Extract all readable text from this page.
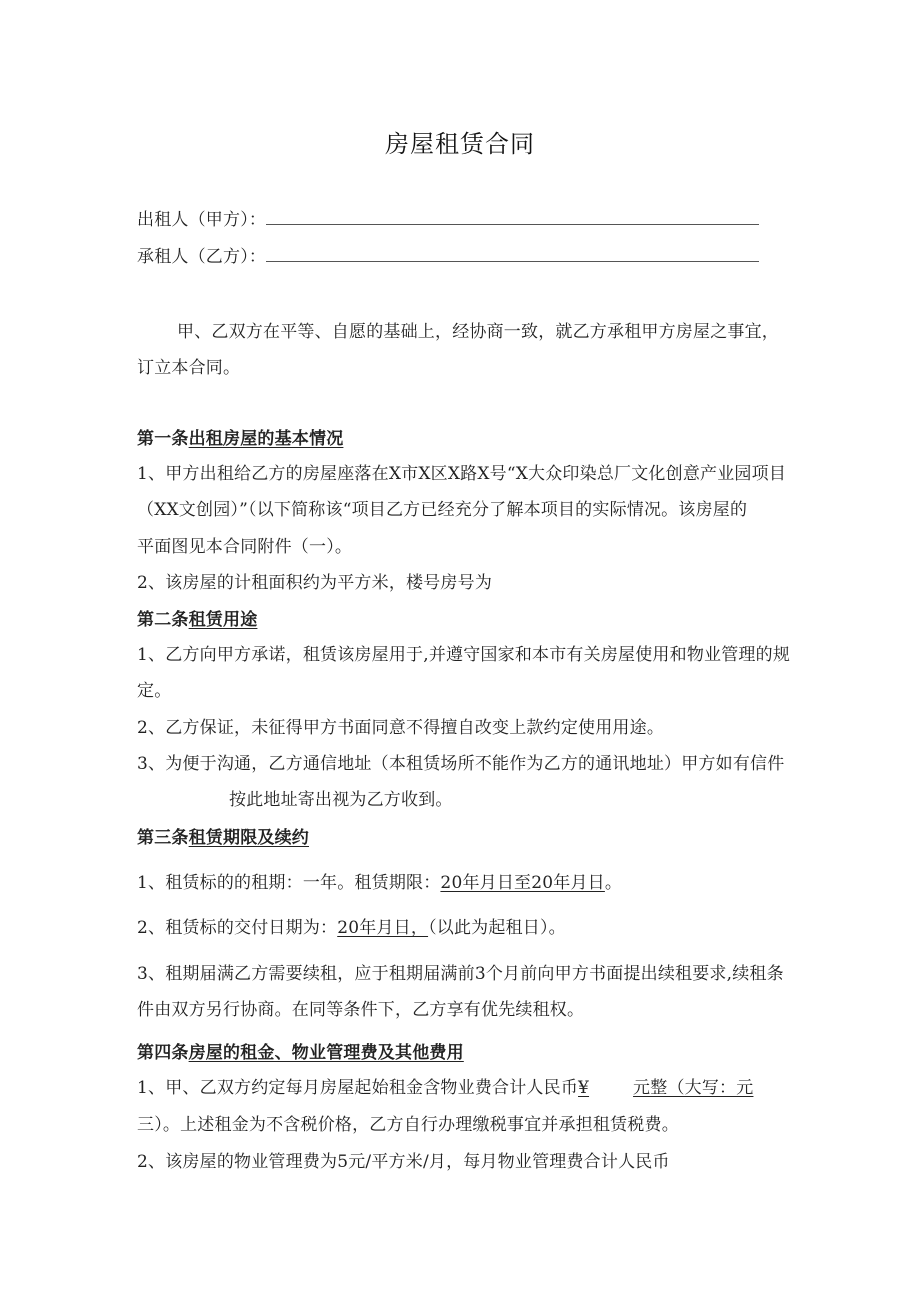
房屋租赁合同
出租人（甲方）：
承租人（乙方）：
甲、乙双方在平等、自愿的基础上，经协商一致，就乙方承租甲方房屋之事宜，
订立本合同。
第一条出租房屋的基本情况
1、甲方出租给乙方的房屋座落在X市X区X路X号“X大众印染总厂文化创意产业园项目
（XX文创园）”（以下简称该“项目乙方已经充分了解本项目的实际情况。该房屋的
平面图见本合同附件（一）。
2、该房屋的计租面积约为平方米，楼号房号为
第二条租赁用途
1、乙方向甲方承诺，租赁该房屋用于,并遵守国家和本市有关房屋使用和物业管理的规
定。
2、乙方保证，未征得甲方书面同意不得擅自改变上款约定使用用途。
3、为便于沟通，乙方通信地址（本租赁场所不能作为乙方的通讯地址）甲方如有信件
按此地址寄出视为乙方收到。
第三条租赁期限及续约
1、租赁标的的租期：一年。租赁期限：20年月日至20年月日。
2、租赁标的交付日期为：20年月日，（以此为起租日）。
3、租期届满乙方需要续租，应于租期届满前3个月前向甲方书面提出续租要求,续租条
件由双方另行协商。在同等条件下，乙方享有优先续租权。
第四条房屋的租金、物业管理费及其他费用
1、甲、乙双方约定每月房屋起始租金含物业费合计人民币¥	元整（大写：元
三）。上述租金为不含税价格，乙方自行办理缴税事宜并承担租赁税费。
2、该房屋的物业管理费为5元/平方米/月，每月物业管理费合计人民币
